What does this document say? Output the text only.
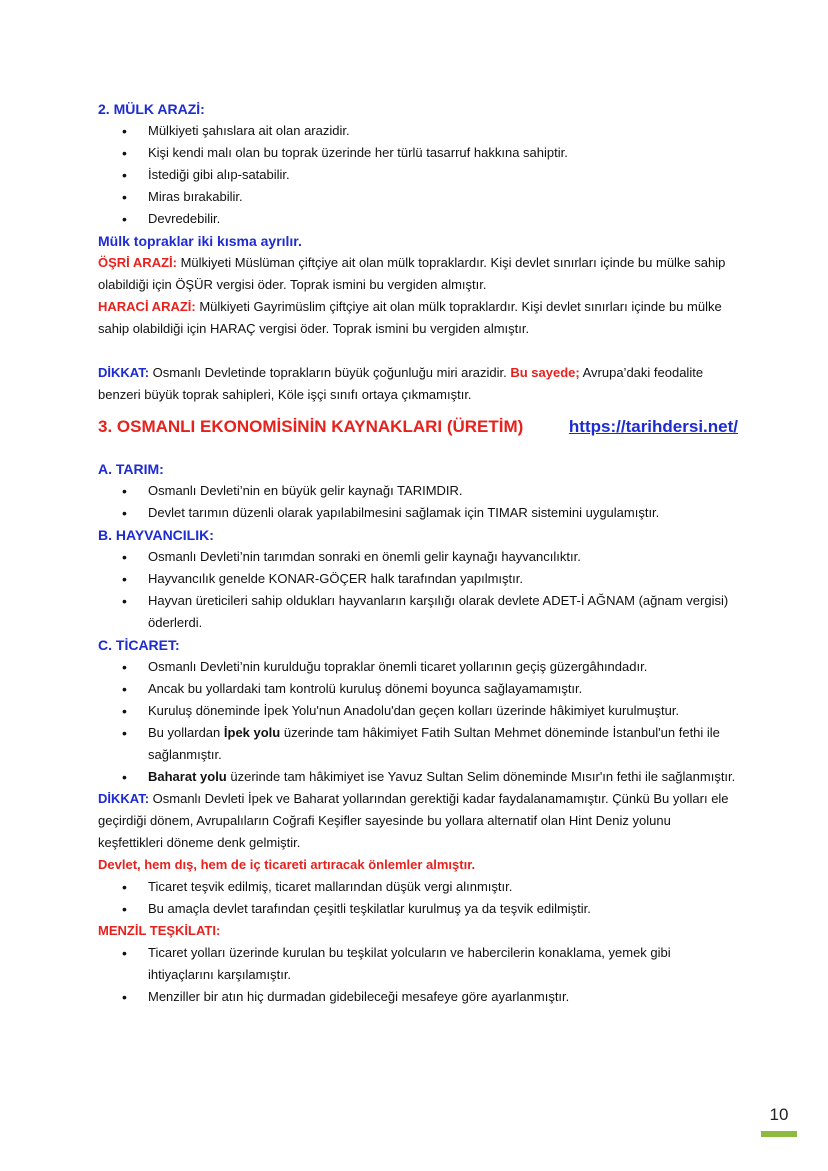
2. MÜLK ARAZİ:
• Mülkiyeti şahıslara ait olan arazidir.
• Kişi kendi malı olan bu toprak üzerinde her türlü tasarruf hakkına sahiptir.
• İstediği gibi alıp-satabilir.
• Miras bırakabilir.
• Devredebilir.
Mülk topraklar iki kısma ayrılır.

ÖŞRİ ARAZİ: Mülkiyeti Müslüman çiftçiye ait olan mülk topraklardır. Kişi devlet sınırları içinde bu mülke sahip olabildiği için ÖŞÜR vergisi öder. Toprak ismini bu vergiden almıştır.

HARACİ ARAZİ: Mülkiyeti Gayrimüslim çiftçiye ait olan mülk topraklardır. Kişi devlet sınırları içinde bu mülke sahip olabildiği için HARAÇ vergisi öder. Toprak ismini bu vergiden almıştır.

DİKKAT: Osmanlı Devletinde toprakların büyük çoğunluğu miri arazidir. Bu sayede; Avrupa’daki feodalite benzeri büyük toprak sahipleri, Köle işçi sınıfı ortaya çıkmamıştır.

3. OSMANLI EKONOMİSİNİN KAYNAKLARI (ÜRETİM)	https://tarihdersi.net/
A. TARIM:
• Osmanlı Devleti’nin en büyük gelir kaynağı TARIMDIR.
• Devlet tarımın düzenli olarak yapılabilmesini sağlamak için TIMAR sistemini uygulamıştır.
B. HAYVANCILIK:
• Osmanlı Devleti’nin tarımdan sonraki en önemli gelir kaynağı hayvancılıktır.
• Hayvancılık genelde KONAR-GÖÇER halk tarafından yapılmıştır.
• Hayvan üreticileri sahip oldukları hayvanların karşılığı olarak devlete ADET-İ AĞNAM (ağnam vergisi) öderlerdi.
C. TİCARET:
• Osmanlı Devleti’nin kurulduğu topraklar önemli ticaret yollarının geçiş güzergâhındadır.
• Ancak bu yollardaki tam kontrolü kuruluş dönemi boyunca sağlayamamıştır.
• Kuruluş döneminde İpek Yolu'nun Anadolu'dan geçen kolları üzerinde hâkimiyet kurulmuştur.
• Bu yollardan İpek yolu üzerinde tam hâkimiyet Fatih Sultan Mehmet döneminde İstanbul'un fethi ile sağlanmıştır.
• Baharat yolu üzerinde tam hâkimiyet ise Yavuz Sultan Selim döneminde Mısır'ın fethi ile sağlanmıştır.

DİKKAT: Osmanlı Devleti İpek ve Baharat yollarından gerektiği kadar faydalanamamıştır. Çünkü Bu yolları ele geçirdiği dönem, Avrupalıların Coğrafi Keşifler sayesinde bu yollara alternatif olan Hint Deniz yolunu keşfettikleri döneme denk gelmiştir.

Devlet, hem dış, hem de iç ticareti artıracak önlemler almıştır.
• Ticaret teşvik edilmiş, ticaret mallarından düşük vergi alınmıştır.
• Bu amaçla devlet tarafından çeşitli teşkilatlar kurulmuş ya da teşvik edilmiştir.
MENZİL TEŞKİLATI:
• Ticaret yolları üzerinde kurulan bu teşkilat yolcuların ve habercilerin konaklama, yemek gibi ihtiyaçlarını karşılamıştır.
• Menziller bir atın hiç durmadan gidebileceği mesafeye göre ayarlanmıştır.
10
